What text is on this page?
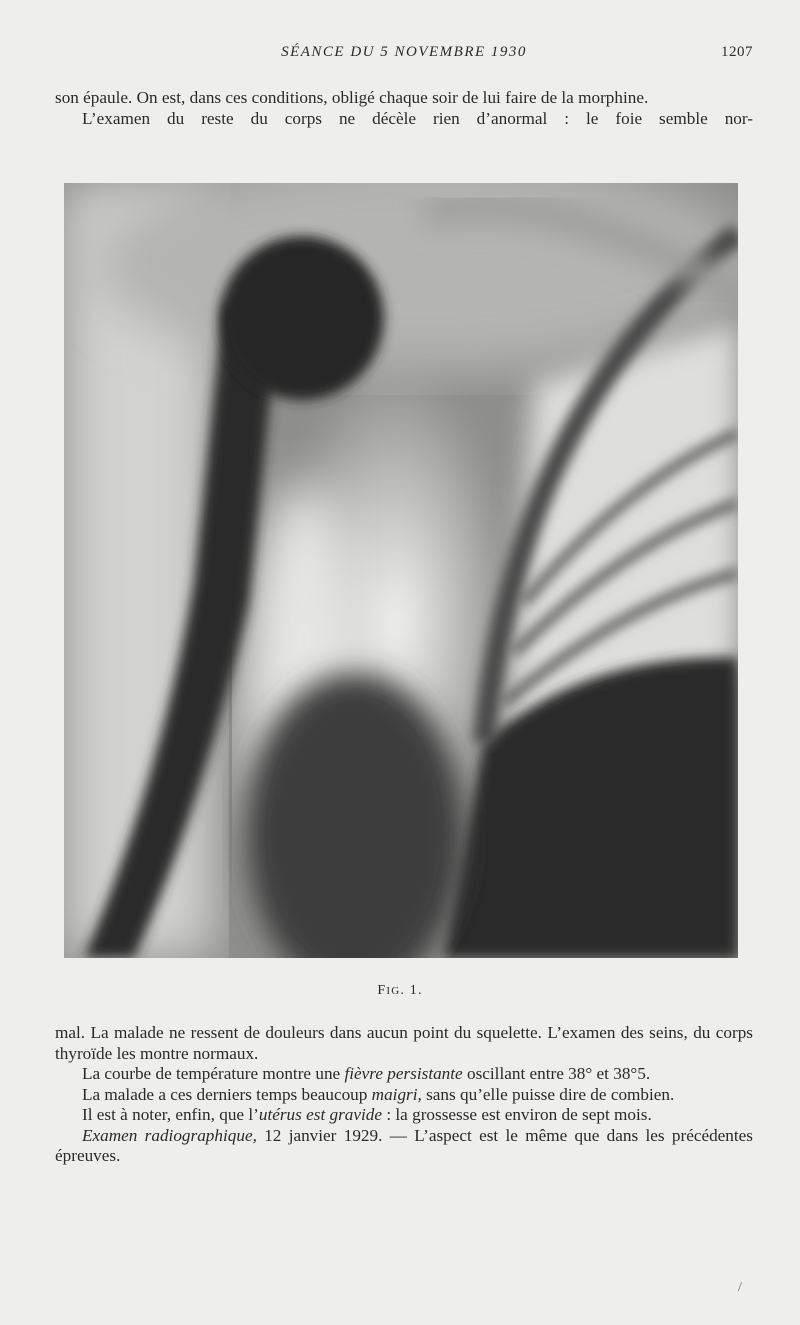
SÉANCE DU 5 NOVEMBRE 1930	1207

son épaule. On est, dans ces conditions, obligé chaque soir de lui faire de la morphine.

L’examen du reste du corps ne décèle rien d’anormal : le foie semble nor-

FIG. 1.

mal. La malade ne ressent de douleurs dans aucun point du squelette. L’examen des seins, du corps thyroïde les montre normaux.

La courbe de température montre une fièvre persistante oscillant entre 38° et 38°5.

La malade a ces derniers temps beaucoup maigri, sans qu’elle puisse dire de combien.

Il est à noter, enfin, que l’utérus est gravide : la grossesse est environ de sept mois.

Examen radiographique, 12 janvier 1929. — L’aspect est le même que dans les précédentes épreuves.

/
